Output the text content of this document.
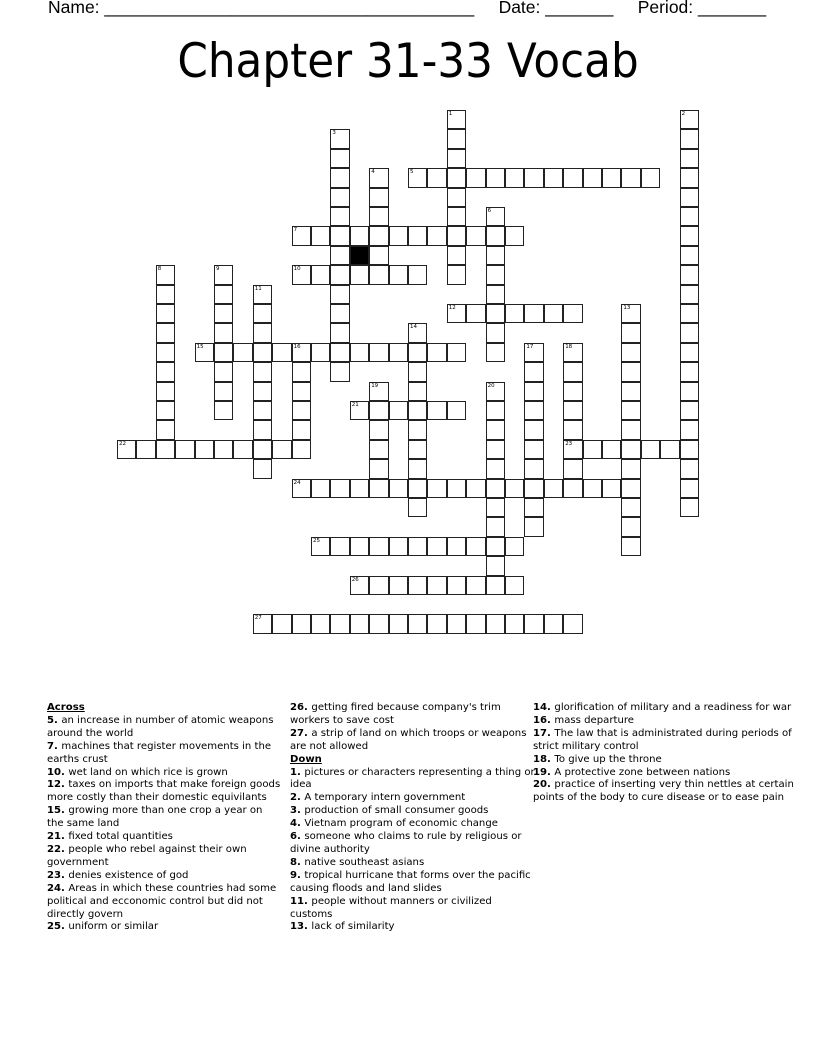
Name: ______________________________________ Date: _______ Period: _______
Chapter 31-33 Vocab
1	2
3
4	5
6
7
8	9	10
11
12	13
14
15	16	17	18
23
19	20
21
22
24
25
26
27
Across
5. an increase in number of atomic weapons around the world
7. machines that register movements in the earths crust
10. wet land on which rice is grown
12. taxes on imports that make foreign goods more costly than their domestic equivilants
15. growing more than one crop a year on the same land
21. fixed total quantities
22. people who rebel against their own government
23. denies existence of god
24. Areas in which these countries had some political and ecconomic control but did not directly govern
25. uniform or similar
26. getting fired because company's trim workers to save cost
27. a strip of land on which troops or weapons are not allowed
Down
1. pictures or characters representing a thing or idea
2. A temporary intern government
3. production of small consumer goods
4. Vietnam program of economic change
6. someone who claims to rule by religious or divine authority
8. native southeast asians
9. tropical hurricane that forms over the pacific causing floods and land slides
11. people without manners or civilized customs
13. lack of similarity
14. glorification of military and a readiness for war
16. mass departure
17. The law that is administrated during periods of strict military control
18. To give up the throne
19. A protective zone between nations
20. practice of inserting very thin nettles at certain points of the body to cure disease or to ease pain
